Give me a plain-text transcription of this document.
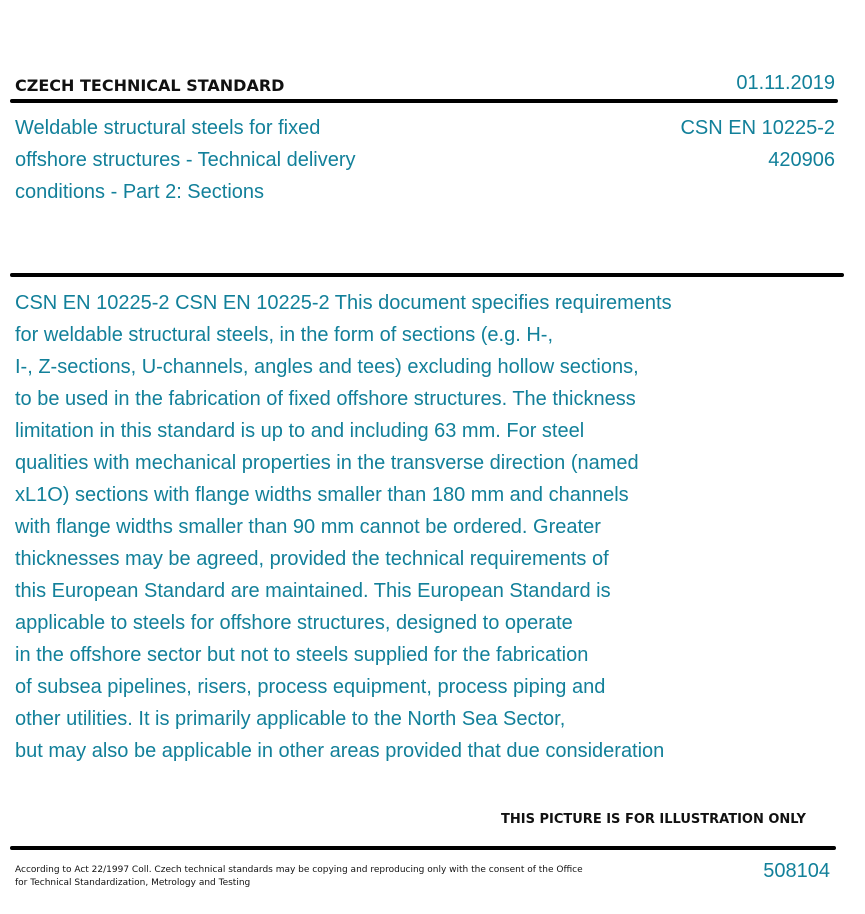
CZECH TECHNICAL STANDARD	01.11.2019
Weldable structural steels for fixed
offshore structures - Technical delivery
conditions - Part 2: Sections
CSN EN 10225-2
420906
CSN EN 10225-2 CSN EN 10225-2 This document specifies requirements
for weldable structural steels, in the form of sections (e.g. H-,
I-, Z-sections, U-channels, angles and tees) excluding hollow sections,
to be used in the fabrication of fixed offshore structures. The thickness
limitation in this standard is up to and including 63 mm. For steel
qualities with mechanical properties in the transverse direction (named
xL1O) sections with flange widths smaller than 180 mm and channels
with flange widths smaller than 90 mm cannot be ordered. Greater
thicknesses may be agreed, provided the technical requirements of
this European Standard are maintained. This European Standard is
applicable to steels for offshore structures, designed to operate
in the offshore sector but not to steels supplied for the fabrication
of subsea pipelines, risers, process equipment, process piping and
other utilities. It is primarily applicable to the North Sea Sector,
but may also be applicable in other areas provided that due consideration
THIS PICTURE IS FOR ILLUSTRATION ONLY
According to Act 22/1997 Coll. Czech technical standards may be copying and reproducing only with the consent of the Office
for Technical Standardization, Metrology and Testing
508104
